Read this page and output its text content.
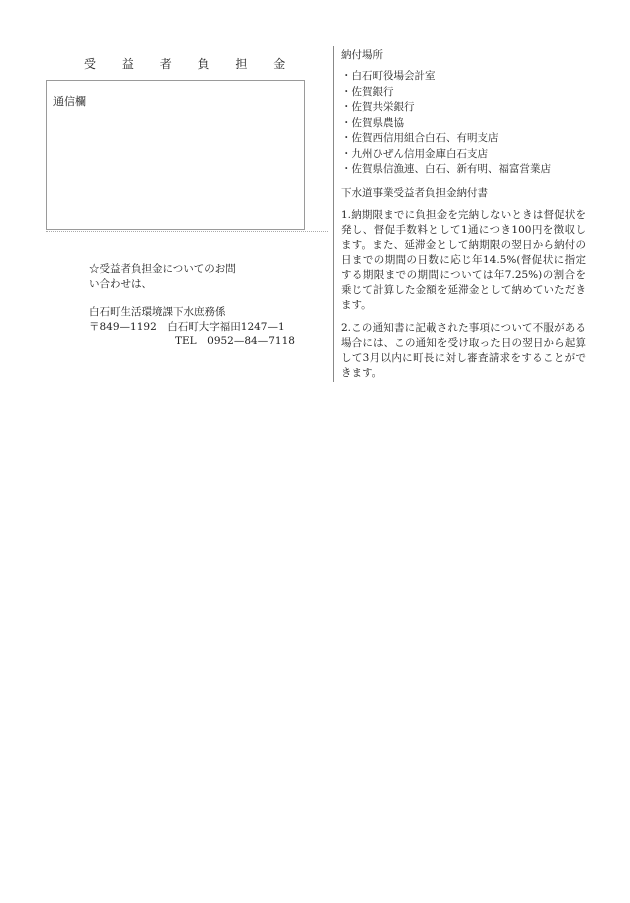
受 益 者 負 担 金
通信欄

☆受益者負担金についてのお問

い合わせは、

白石町生活環境課下水庶務係

〒849—1192　白石町大字福田1247—1

TEL　0952—84—7118

納付場所

・白石町役場会計室
・佐賀銀行
・佐賀共栄銀行
・佐賀県農協
・佐賀西信用組合白石、有明支店
・九州ひぜん信用金庫白石支店
・佐賀県信漁連、白石、新有明、福富営業店

下水道事業受益者負担金納付書

1.納期限までに負担金を完納しないときは督促状を発し、督促手数料として1通につき100円を徴収します。また、延滞金として納期限の翌日から納付の日までの期間の日数に応じ年14.5%(督促状に指定する期限までの期間については年7.25%)の割合を乗じて計算した金額を延滞金として納めていただきます。

2.この通知書に記載された事項について不服がある場合には、この通知を受け取った日の翌日から起算して3月以内に町長に対し審査請求をすることができます。
